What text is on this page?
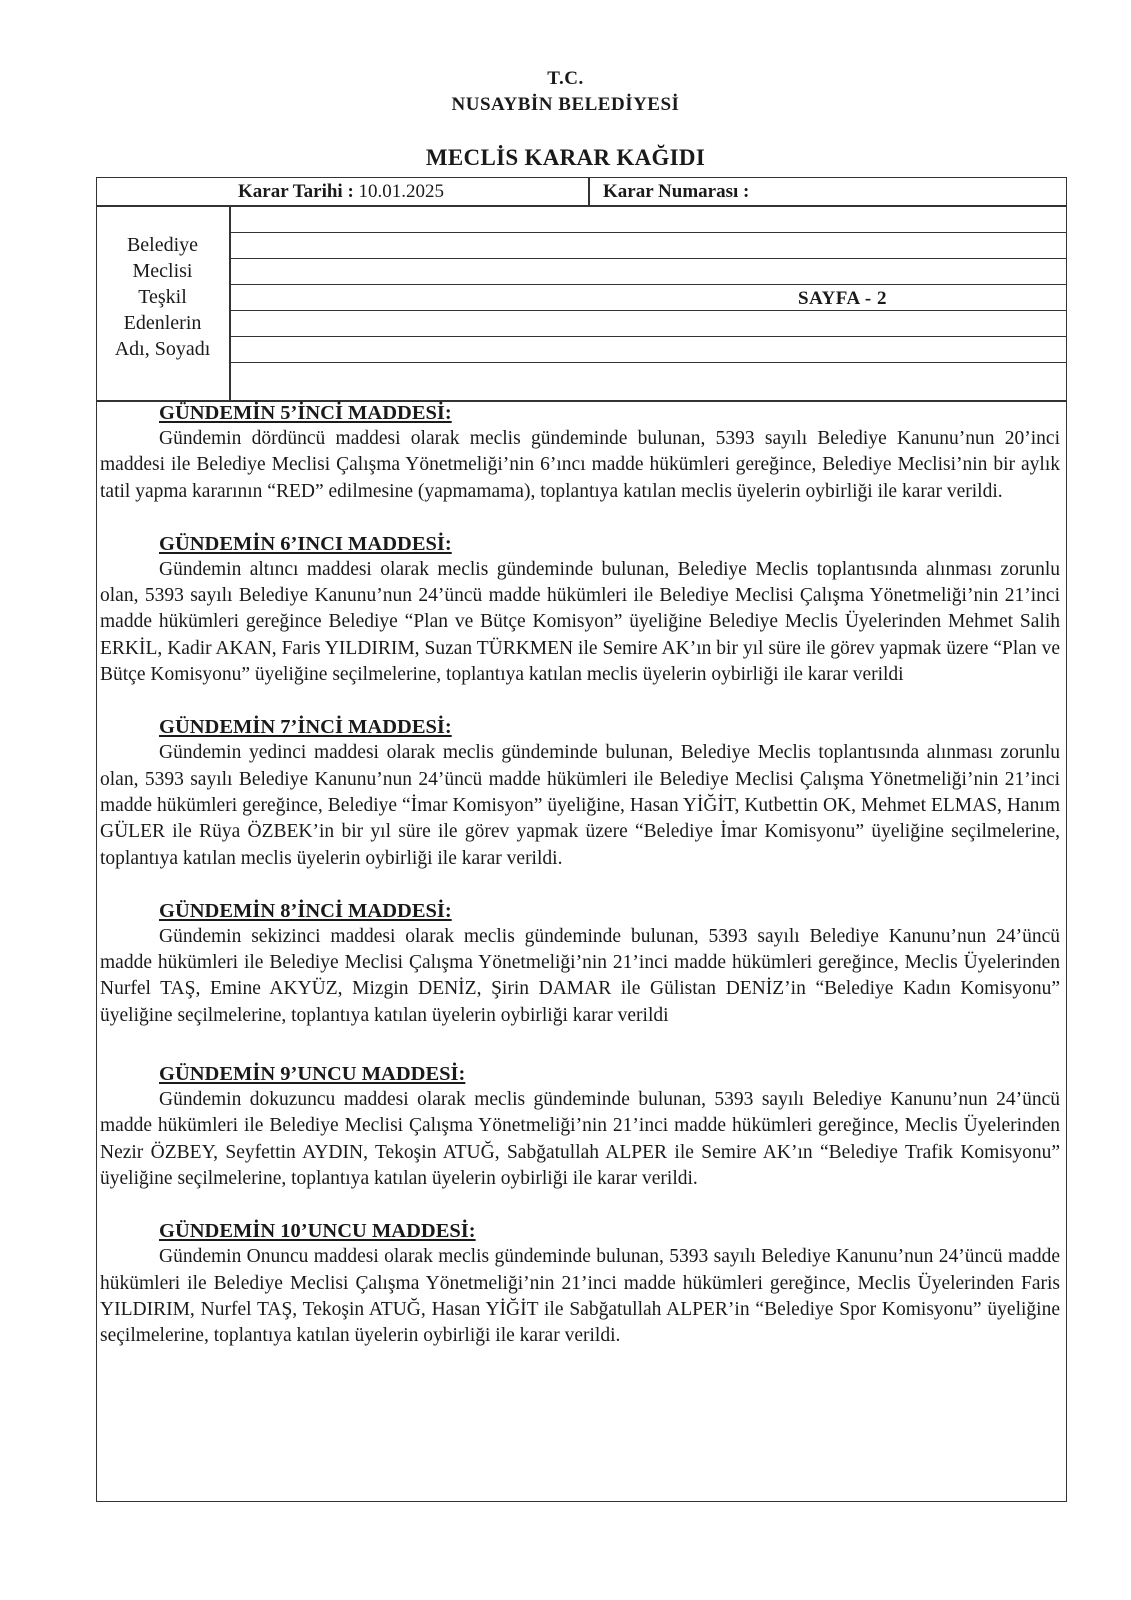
T.C.
NUSAYBİN BELEDİYESİ
MECLİS KARAR KAĞIDI
Karar Tarihi : 10.01.2025	Karar Numarası :
Belediye
Meclisi
Teşkil
Edenlerin
Adı, Soyadı
SAYFA - 2

GÜNDEMİN 5’İNCİ MADDESİ:

Gündemin dördüncü maddesi olarak meclis gündeminde bulunan, 5393 sayılı Belediye Kanunu’nun 20’inci maddesi ile Belediye Meclisi Çalışma Yönetmeliği’nin 6’ıncı madde hükümleri gereğince, Belediye Meclisi’nin bir aylık tatil yapma kararının “RED” edilmesine (yapmamama), toplantıya katılan meclis üyelerin oybirliği ile karar verildi.

GÜNDEMİN 6’INCI MADDESİ:

Gündemin altıncı maddesi olarak meclis gündeminde bulunan, Belediye Meclis toplantısında alınması zorunlu olan, 5393 sayılı Belediye Kanunu’nun 24’üncü madde hükümleri ile Belediye Meclisi Çalışma Yönetmeliği’nin 21’inci madde hükümleri gereğince Belediye “Plan ve Bütçe Komisyon” üyeliğine Belediye Meclis Üyelerinden Mehmet Salih ERKİL, Kadir AKAN, Faris YILDIRIM, Suzan TÜRKMEN ile Semire AK’ın bir yıl süre ile görev yapmak üzere “Plan ve Bütçe Komisyonu” üyeliğine seçilmelerine, toplantıya katılan meclis üyelerin oybirliği ile karar verildi

GÜNDEMİN 7’İNCİ MADDESİ:

Gündemin yedinci maddesi olarak meclis gündeminde bulunan, Belediye Meclis toplantısında alınması zorunlu olan, 5393 sayılı Belediye Kanunu’nun 24’üncü madde hükümleri ile Belediye Meclisi Çalışma Yönetmeliği’nin 21’inci madde hükümleri gereğince, Belediye “İmar Komisyon” üyeliğine, Hasan YİĞİT, Kutbettin OK, Mehmet ELMAS, Hanım GÜLER ile Rüya ÖZBEK’in bir yıl süre ile görev yapmak üzere “Belediye İmar Komisyonu” üyeliğine seçilmelerine, toplantıya katılan meclis üyelerin oybirliği ile karar verildi.

GÜNDEMİN 8’İNCİ MADDESİ:

Gündemin sekizinci maddesi olarak meclis gündeminde bulunan, 5393 sayılı Belediye Kanunu’nun 24’üncü madde hükümleri ile Belediye Meclisi Çalışma Yönetmeliği’nin 21’inci madde hükümleri gereğince, Meclis Üyelerinden Nurfel TAŞ, Emine AKYÜZ, Mizgin DENİZ, Şirin DAMAR ile Gülistan DENİZ’in “Belediye Kadın Komisyonu” üyeliğine seçilmelerine, toplantıya katılan üyelerin oybirliği karar verildi

GÜNDEMİN 9’UNCU MADDESİ:

Gündemin dokuzuncu maddesi olarak meclis gündeminde bulunan, 5393 sayılı Belediye Kanunu’nun 24’üncü madde hükümleri ile Belediye Meclisi Çalışma Yönetmeliği’nin 21’inci madde hükümleri gereğince, Meclis Üyelerinden Nezir ÖZBEY, Seyfettin AYDIN, Tekoşin ATUĞ, Sabğatullah ALPER ile Semire AK’ın “Belediye Trafik Komisyonu” üyeliğine seçilmelerine, toplantıya katılan üyelerin oybirliği ile karar verildi.

GÜNDEMİN 10’UNCU MADDESİ:

Gündemin Onuncu maddesi olarak meclis gündeminde bulunan, 5393 sayılı Belediye Kanunu’nun 24’üncü madde hükümleri ile Belediye Meclisi Çalışma Yönetmeliği’nin 21’inci madde hükümleri gereğince, Meclis Üyelerinden Faris YILDIRIM, Nurfel TAŞ, Tekoşin ATUĞ, Hasan YİĞİT ile Sabğatullah ALPER’in “Belediye Spor Komisyonu” üyeliğine seçilmelerine, toplantıya katılan üyelerin oybirliği ile karar verildi.
